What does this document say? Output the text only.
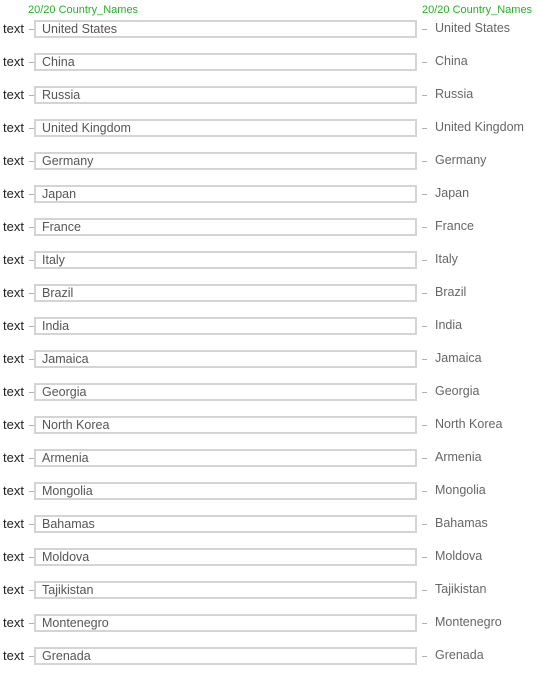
20/20 Country_Names	20/20 Country_Names
text United States	United States
text China	China
text Russia	Russia
text United Kingdom	United Kingdom
text Germany	Germany
text Japan	Japan
text France	France
text Italy	Italy
text Brazil	Brazil
text India	India
text Jamaica	Jamaica
text Georgia	Georgia
text North Korea	North Korea
text Armenia	Armenia
text Mongolia	Mongolia
text Bahamas	Bahamas
text Moldova	Moldova
text Tajikistan	Tajikistan
text Montenegro	Montenegro
text Grenada	Grenada
